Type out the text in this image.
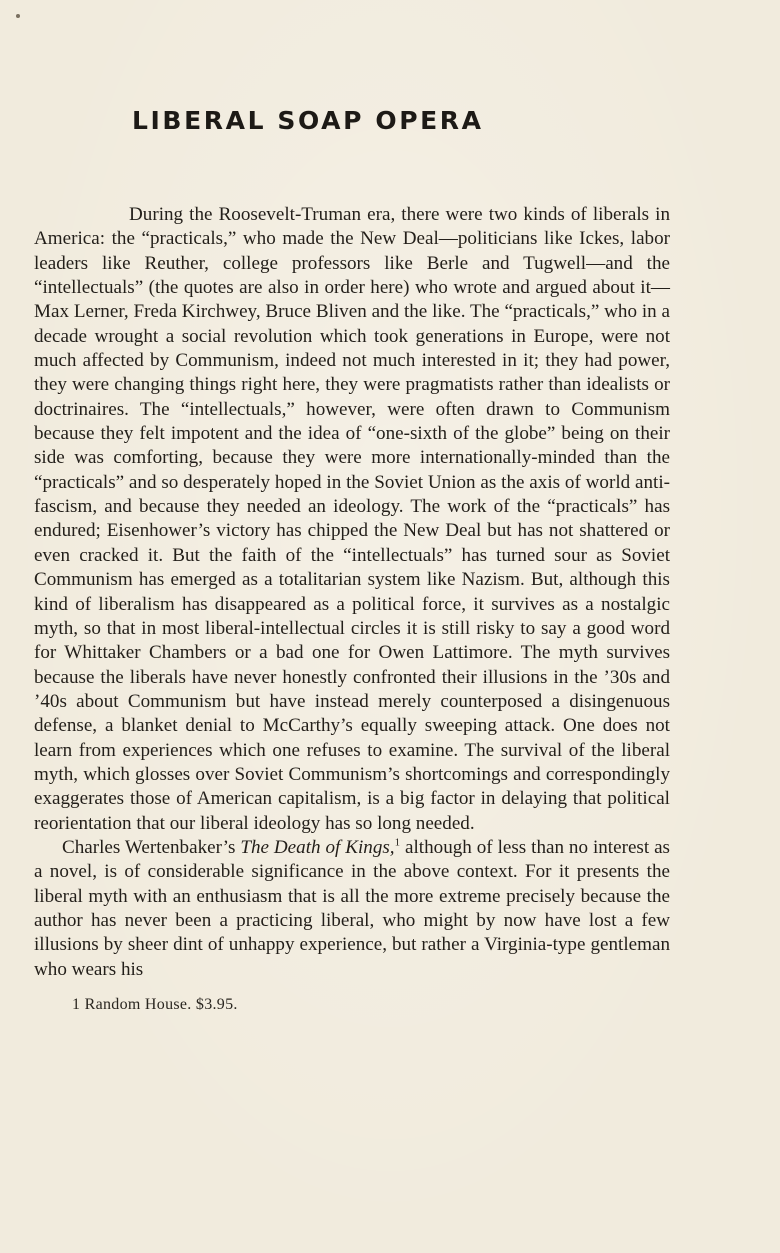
LIBERAL SOAP OPERA

During the Roosevelt-Truman era, there were two kinds of liberals in America: the “practicals,” who made the New Deal—politicians like Ickes, labor leaders like Reuther, college professors like Berle and Tugwell—and the “intellectuals” (the quotes are also in order here) who wrote and argued about it—Max Lerner, Freda Kirchwey, Bruce Bliven and the like. The “practicals,” who in a decade wrought a social revolution which took generations in Europe, were not much affected by Communism, indeed not much interested in it; they had power, they were changing things right here, they were pragmatists rather than idealists or doctrinaires. The “intellectuals,” however, were often drawn to Communism because they felt impotent and the idea of “one-sixth of the globe” being on their side was comforting, because they were more internationally-minded than the “practicals” and so desperately hoped in the Soviet Union as the axis of world anti-fascism, and because they needed an ideology. The work of the “practicals” has endured; Eisenhower’s victory has chipped the New Deal but has not shattered or even cracked it. But the faith of the “intellectuals” has turned sour as Soviet Communism has emerged as a totalitarian system like Nazism. But, although this kind of liberalism has disappeared as a political force, it survives as a nostalgic myth, so that in most liberal-intellectual circles it is still risky to say a good word for Whittaker Chambers or a bad one for Owen Lattimore. The myth survives because the liberals have never honestly confronted their illusions in the ’30s and ’40s about Communism but have instead merely counterposed a disingenuous defense, a blanket denial to McCarthy’s equally sweeping attack. One does not learn from experiences which one refuses to examine. The survival of the liberal myth, which glosses over Soviet Communism’s shortcomings and correspondingly exaggerates those of American capitalism, is a big factor in delaying that political reorientation that our liberal ideology has so long needed.

Charles Wertenbaker’s The Death of Kings,$^1$ although of less than no interest as a novel, is of considerable significance in the above context. For it presents the liberal myth with an enthusiasm that is all the more extreme precisely because the author has never been a practicing liberal, who might by now have lost a few illusions by sheer dint of unhappy experience, but rather a Virginia-type gentleman who wears his

1 Random House. $3.95.
